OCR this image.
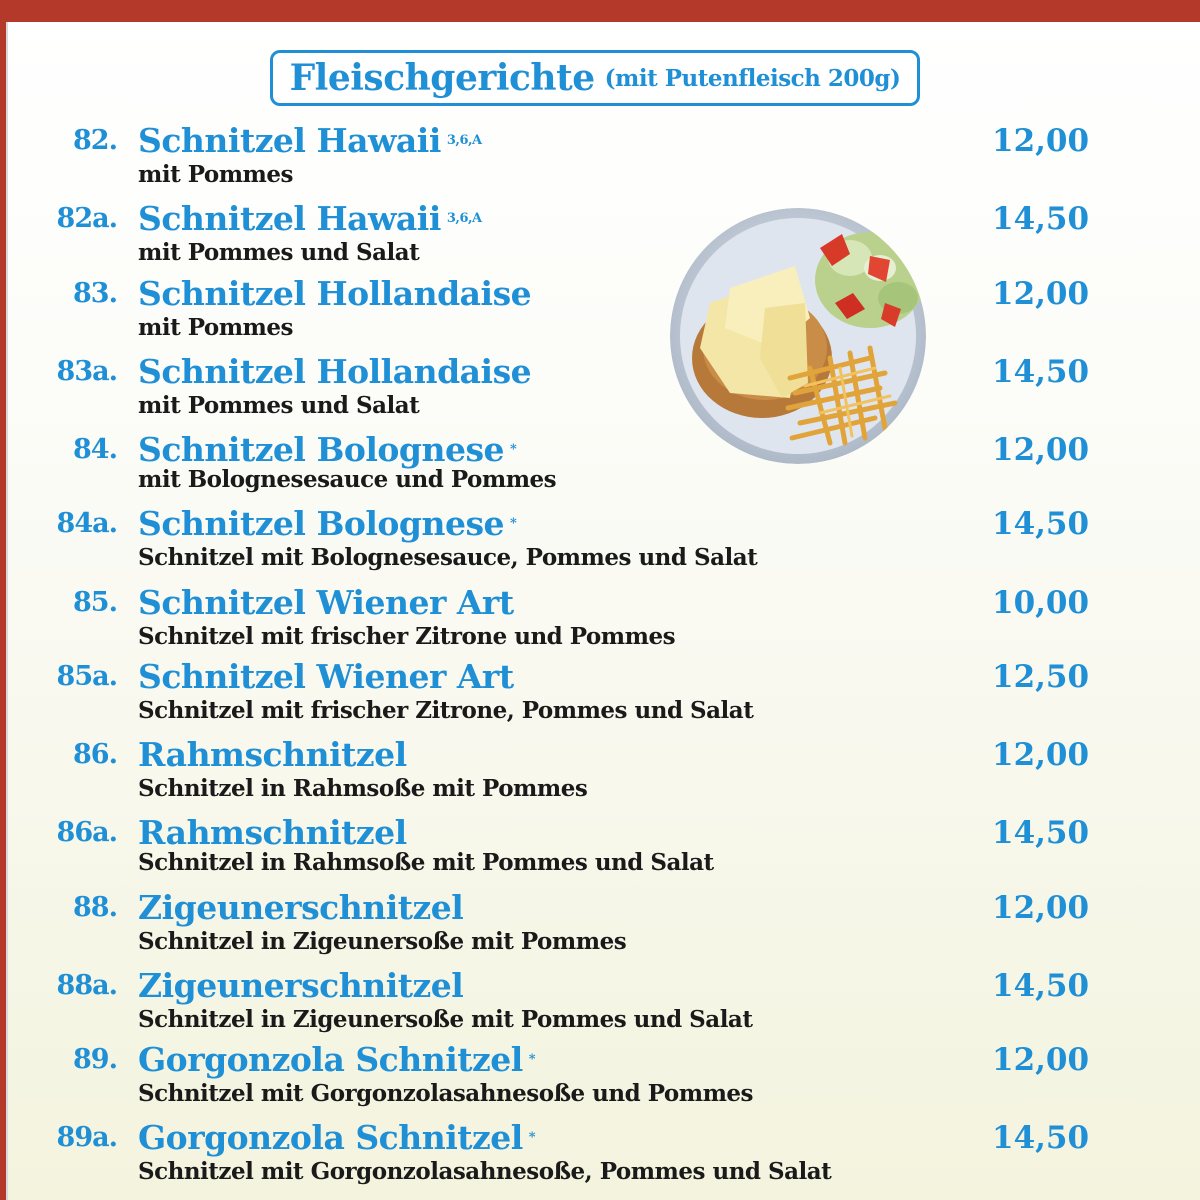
Fleischgerichte (mit Putenfleisch 200g)
82. Schnitzel Hawaii $^{3,6,A}$
mit Pommes
12,00
82a. Schnitzel Hawaii $^{3,6,A}$
mit Pommes und Salat
14,50
83. Schnitzel Hollandaise
mit Pommes
12,00
83a. Schnitzel Hollandaise
mit Pommes und Salat
14,50
84. Schnitzel Bolognese *
mit Bolognesesauce und Pommes
12,00
84a. Schnitzel Bolognese *
Schnitzel mit Bolognesesauce, Pommes und Salat
14,50
85. Schnitzel Wiener Art
Schnitzel mit frischer Zitrone und Pommes
10,00
85a. Schnitzel Wiener Art
Schnitzel mit frischer Zitrone, Pommes und Salat
12,50
86. Rahmschnitzel
Schnitzel in Rahmsoße mit Pommes
12,00
86a. Rahmschnitzel
Schnitzel in Rahmsoße mit Pommes und Salat
14,50
88. Zigeunerschnitzel
Schnitzel in Zigeunersoße mit Pommes
12,00
88a. Zigeunerschnitzel
Schnitzel in Zigeunersoße mit Pommes und Salat
14,50
89. Gorgonzola Schnitzel *
Schnitzel mit Gorgonzolasahnesoße und Pommes
12,00
89a. Gorgonzola Schnitzel *
Schnitzel mit Gorgonzolasahnesoße, Pommes und Salat
14,50
